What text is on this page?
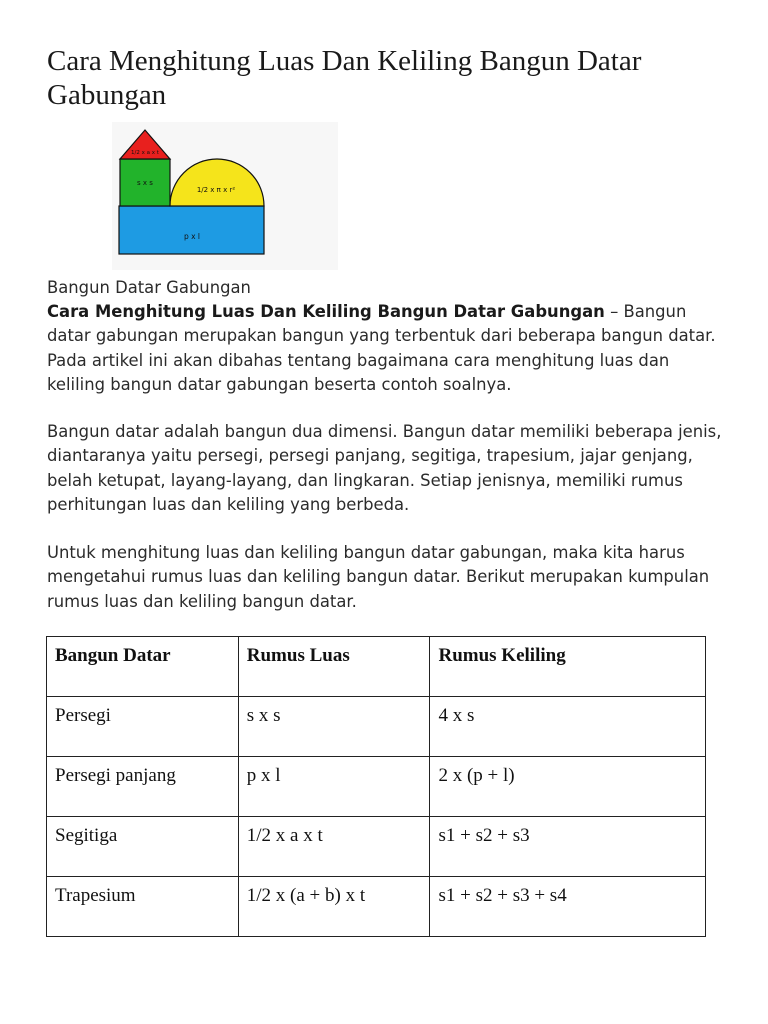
Cara Menghitung Luas Dan Keliling Bangun Datar Gabungan
1/2 x a x t
s x s
1/2 x π x r²
p x l

Bangun Datar Gabungan

Cara Menghitung Luas Dan Keliling Bangun Datar Gabungan – Bangun datar gabungan merupakan bangun yang terbentuk dari beberapa bangun datar. Pada artikel ini akan dibahas tentang bagaimana cara menghitung luas dan keliling bangun datar gabungan beserta contoh soalnya.

Bangun datar adalah bangun dua dimensi. Bangun datar memiliki beberapa jenis, diantaranya yaitu persegi, persegi panjang, segitiga, trapesium, jajar genjang, belah ketupat, layang-layang, dan lingkaran. Setiap jenisnya, memiliki rumus perhitungan luas dan keliling yang berbeda.

Untuk menghitung luas dan keliling bangun datar gabungan, maka kita harus mengetahui rumus luas dan keliling bangun datar. Berikut merupakan kumpulan rumus luas dan keliling bangun datar.

Bangun Datar	Rumus Luas	Rumus Keliling
Persegi	s x s	4 x s
Persegi panjang	p x l	2 x (p + l)
Segitiga	1/2 x a x t	s1 + s2 + s3
Trapesium	1/2 x (a + b) x t	s1 + s2 + s3 + s4
